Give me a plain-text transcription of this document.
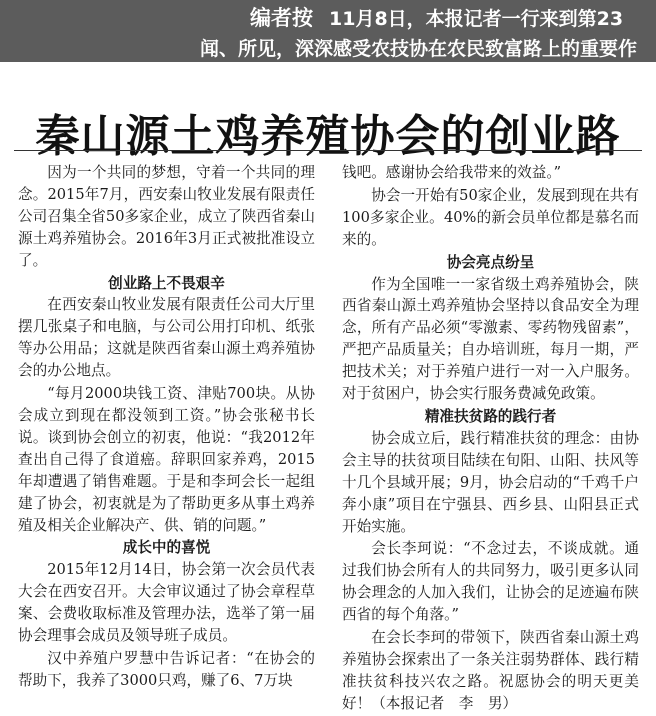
编者按 11月8日，本报记者一行来到第23
闻、所见，深深感受农技协在农民致富路上的重要作
秦山源土鸡养殖协会的创业路

因为一个共同的梦想，守着一个共同的理念。2015年7月，西安秦山牧业发展有限责任公司召集全省50多家企业，成立了陕西省秦山源土鸡养殖协会。2016年3月正式被批准设立了。

创业路上不畏艰辛

在西安秦山牧业发展有限责任公司大厅里摆几张桌子和电脑，与公司公用打印机、纸张等办公用品；这就是陕西省秦山源土鸡养殖协会的办公地点。

“每月2000块钱工资、津贴700块。从协会成立到现在都没领到工资。”协会张秘书长说。谈到协会创立的初衷，他说：“我2012年查出自己得了食道癌。辞职回家养鸡，2015年却遭遇了销售难题。于是和李珂会长一起组建了协会，初衷就是为了帮助更多从事土鸡养殖及相关企业解决产、供、销的问题。”

成长中的喜悦

2015年12月14日，协会第一次会员代表大会在西安召开。大会审议通过了协会章程草案、会费收取标准及管理办法，选举了第一届协会理事会成员及领导班子成员。

汉中养殖户罗慧中告诉记者：“在协会的帮助下，我养了3000只鸡，赚了6、7万块

钱吧。感谢协会给我带来的效益。”

协会一开始有50家企业，发展到现在共有100多家企业。40%的新会员单位都是慕名而来的。

协会亮点纷呈

作为全国唯一一家省级土鸡养殖协会，陕西省秦山源土鸡养殖协会坚持以食品安全为理念，所有产品必须“零激素、零药物残留素”，严把产品质量关；自办培训班，每月一期，严把技术关；对于养殖户进行一对一入户服务。对于贫困户，协会实行服务费减免政策。

精准扶贫路的践行者

协会成立后，践行精准扶贫的理念：由协会主导的扶贫项目陆续在旬阳、山阳、扶风等十几个县域开展；9月，协会启动的“千鸡千户奔小康”项目在宁强县、西乡县、山阳县正式开始实施。

会长李珂说：“不念过去，不谈成就。通过我们协会所有人的共同努力，吸引更多认同协会理念的人加入我们，让协会的足迹遍布陕西省的每个角落。”

在会长李珂的带领下，陕西省秦山源土鸡养殖协会探索出了一条关注弱势群体、践行精准扶贫科技兴农之路。祝愿协会的明天更美好！（本报记者　李　男）
